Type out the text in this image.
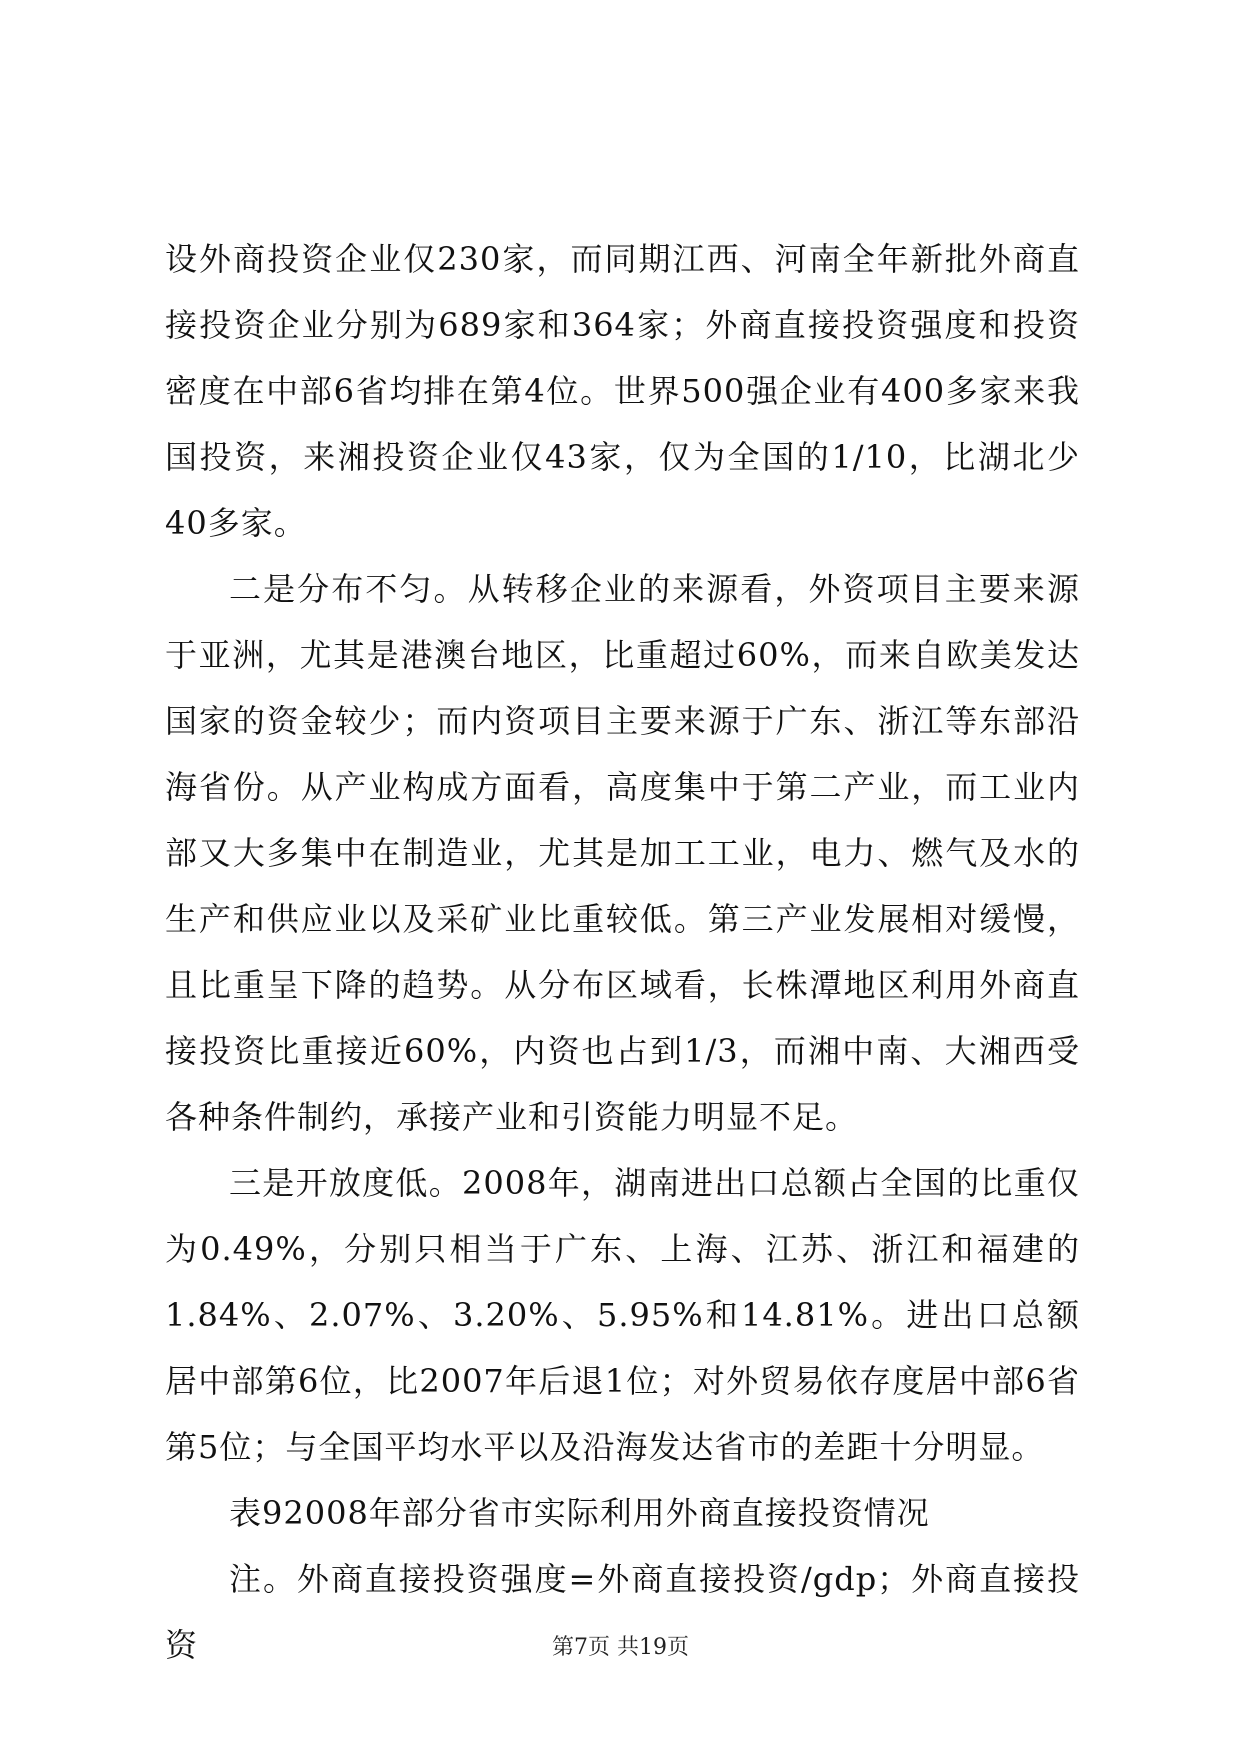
设外商投资企业仅230家，而同期江西、河南全年新批外商直接投资企业分别为689家和364家；外商直接投资强度和投资密度在中部6省均排在第4位。世界500强企业有400多家来我国投资，来湘投资企业仅43家，仅为全国的1/10，比湖北少40多家。

二是分布不匀。从转移企业的来源看，外资项目主要来源于亚洲，尤其是港澳台地区，比重超过60%，而来自欧美发达国家的资金较少；而内资项目主要来源于广东、浙江等东部沿海省份。从产业构成方面看，高度集中于第二产业，而工业内部又大多集中在制造业，尤其是加工工业，电力、燃气及水的生产和供应业以及采矿业比重较低。第三产业发展相对缓慢，且比重呈下降的趋势。从分布区域看，长株潭地区利用外商直接投资比重接近60%，内资也占到1/3，而湘中南、大湘西受各种条件制约，承接产业和引资能力明显不足。

三是开放度低。2008年，湖南进出口总额占全国的比重仅为0.49%，分别只相当于广东、上海、江苏、浙江和福建的1.84%、2.07%、3.20%、5.95%和14.81%。进出口总额居中部第6位，比2007年后退1位；对外贸易依存度居中部6省第5位；与全国平均水平以及沿海发达省市的差距十分明显。

表92008年部分省市实际利用外商直接投资情况

注。外商直接投资强度=外商直接投资/gdp；外商直接投资	第7页 共19页
